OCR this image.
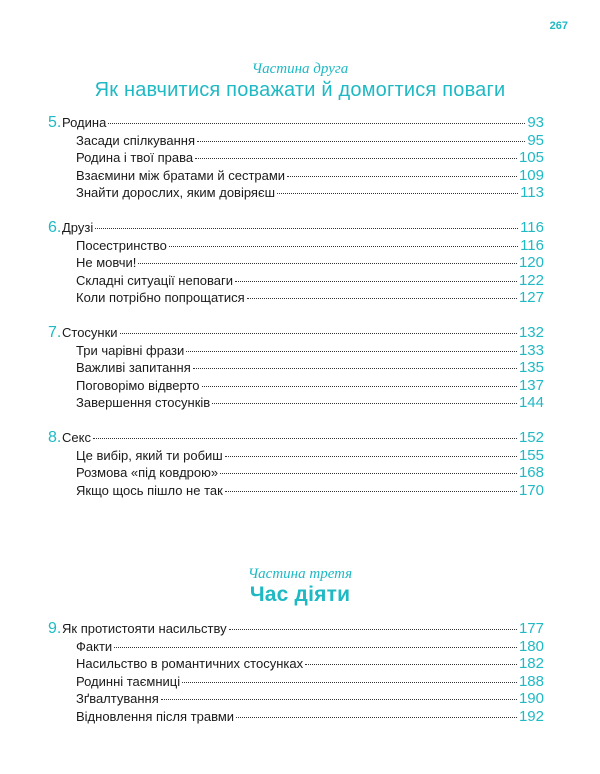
267
Частина друга
Як навчитися поважати й домогтися поваги
5. Родина	93
Засади спілкування	95
Родина і твої права	105
Взаємини між братами й сестрами	109
Знайти дорослих, яким довіряєш	113
6. Друзі	116
Посестринство	116
Не мовчи!	120
Складні ситуації неповаги	122
Коли потрібно попрощатися	127
7. Стосунки	132
Три чарівні фрази	133
Важливі запитання	135
Поговорімо відверто	137
Завершення стосунків	144
8. Секс	152
Це вибір, який ти робиш	155
Розмова «під ковдрою»	168
Якщо щось пішло не так	170
Частина третя
Час діяти
9. Як протистояти насильству	177
Факти	180
Насильство в романтичних стосунках	182
Родинні таємниці	188
Зґвалтування	190
Відновлення після травми	192
